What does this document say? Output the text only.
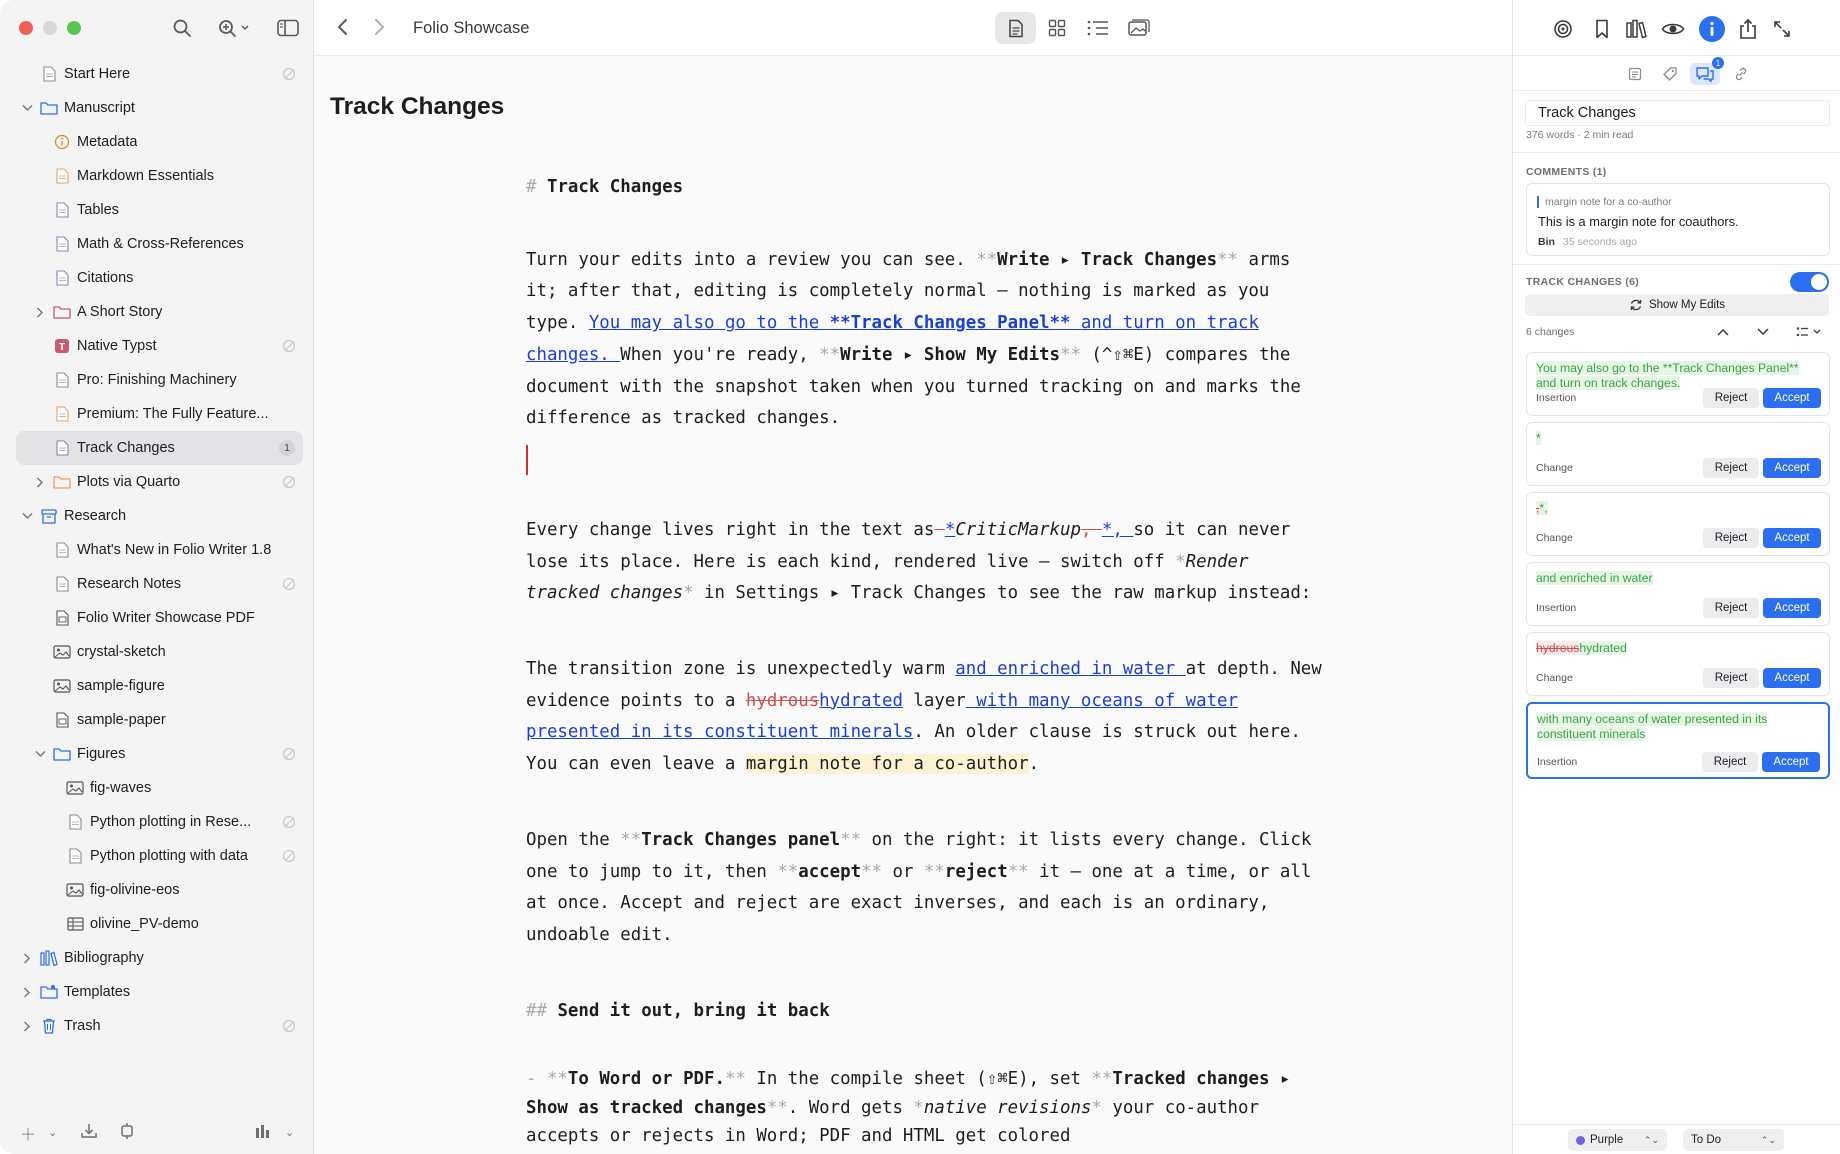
Start Here
Manuscript
Metadata
Markdown Essentials
Tables
Math & Cross-References
Citations
A Short Story
T Native Typst
Pro: Finishing Machinery
Premium: The Fully Feature...
Track Changes	1
Plots via Quarto
Research
What's New in Folio Writer 1.8
Research Notes
Folio Writer Showcase PDF
crystal-sketch
sample-figure
sample-paper
Figures
fig-waves
Python plotting in Rese...
Python plotting with data
fig-olivine-eos
olivine_PV-demo
Bibliography
Templates
Trash
＋ ⌄	⌄
Folio Showcase
Track Changes

# Track Changes

Turn your edits into a review you can see. **Write ▸ Track Changes** arms it; after that, editing is completely normal — nothing is marked as you type. You may also go to the **Track Changes Panel** and turn on track changes. When you're ready, **Write ▸ Show My Edits** (^⇧⌘E) compares the document with the snapshot taken when you turned tracking on and marks the difference as tracked changes.

Every change lives right in the text as *CriticMarkup, *, so it can never lose its place. Here is each kind, rendered live — switch off *Render tracked changes* in Settings ▸ Track Changes to see the raw markup instead:

The transition zone is unexpectedly warm and enriched in water at depth. New evidence points to a hydroushydrated layer with many oceans of water presented in its constituent minerals. An older clause is struck out here. You can even leave a margin note for a co-author.

Open the **Track Changes panel** on the right: it lists every change. Click one to jump to it, then **accept** or **reject** it — one at a time, or all at once. Accept and reject are exact inverses, and each is an ordinary, undoable edit.

## Send it out, bring it back

- **To Word or PDF.** In the compile sheet (⇧⌘E), set **Tracked changes ▸ Show as tracked changes**. Word gets *native revisions* your co-author accepts or rejects in Word; PDF and HTML get colored

1
Track Changes
376 words · 2 min read
COMMENTS (1)
margin note for a co-author
This is a margin note for coauthors.
Bin 35 seconds ago
TRACK CHANGES (6)
Show My Edits
6 changes
You may also go to the **Track Changes Panel** and turn on track changes.
Insertion	Reject	Accept
*
Change	Reject	Accept
,*,
Change	Reject	Accept
and enriched in water
Insertion	Reject	Accept
hydroushydrated
Change	Reject	Accept
with many oceans of water presented in its constituent minerals
Insertion	Reject	Accept
Purple ⌃⌄	To Do	⌃⌄
